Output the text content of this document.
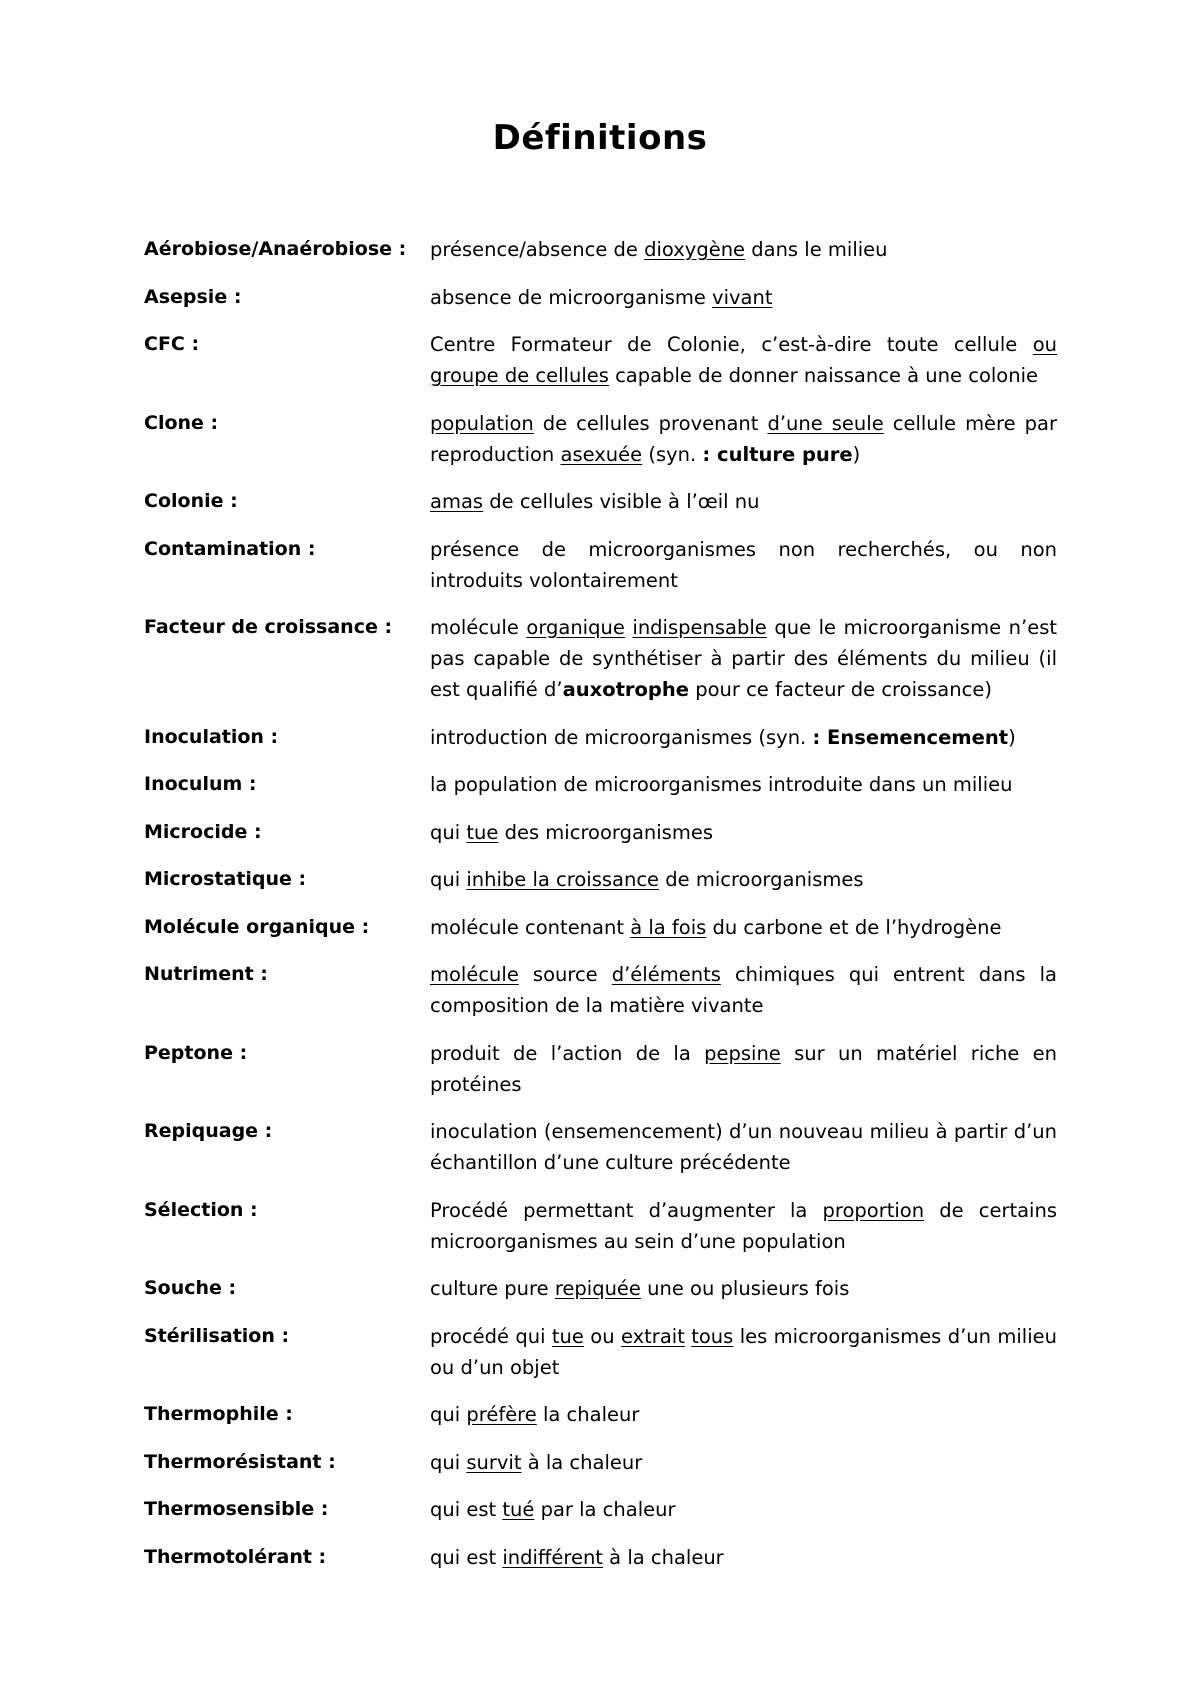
Définitions
Aérobiose/Anaérobiose :	présence/absence de dioxygène dans le milieu
Asepsie :	absence de microorganisme vivant
CFC :	Centre Formateur de Colonie, c’est-à-dire toute cellule ou groupe de cellules capable de donner naissance à une colonie
Clone :	population de cellules provenant d’une seule cellule mère par reproduction asexuée (syn. : culture pure)
Colonie :	amas de cellules visible à l’œil nu
Contamination :	présence de microorganismes non recherchés, ou non introduits volontairement
Facteur de croissance :	molécule organique indispensable que le microorganisme n’est pas capable de synthétiser à partir des éléments du milieu (il est qualifié d’auxotrophe pour ce facteur de croissance)
Inoculation :	introduction de microorganismes (syn. : Ensemencement)
Inoculum :	la population de microorganismes introduite dans un milieu
Microcide :	qui tue des microorganismes
Microstatique :	qui inhibe la croissance de microorganismes
Molécule organique :	molécule contenant à la fois du carbone et de l’hydrogène
Nutriment :	molécule source d’éléments chimiques qui entrent dans la composition de la matière vivante
Peptone :	produit de l’action de la pepsine sur un matériel riche en protéines
Repiquage :	inoculation (ensemencement) d’un nouveau milieu à partir d’un échantillon d’une culture précédente
Sélection :	Procédé permettant d’augmenter la proportion de certains microorganismes au sein d’une population
Souche :	culture pure repiquée une ou plusieurs fois
Stérilisation :	procédé qui tue ou extrait tous les microorganismes d’un milieu ou d’un objet
Thermophile :	qui préfère la chaleur
Thermorésistant :	qui survit à la chaleur
Thermosensible :	qui est tué par la chaleur
Thermotolérant :	qui est indifférent à la chaleur
